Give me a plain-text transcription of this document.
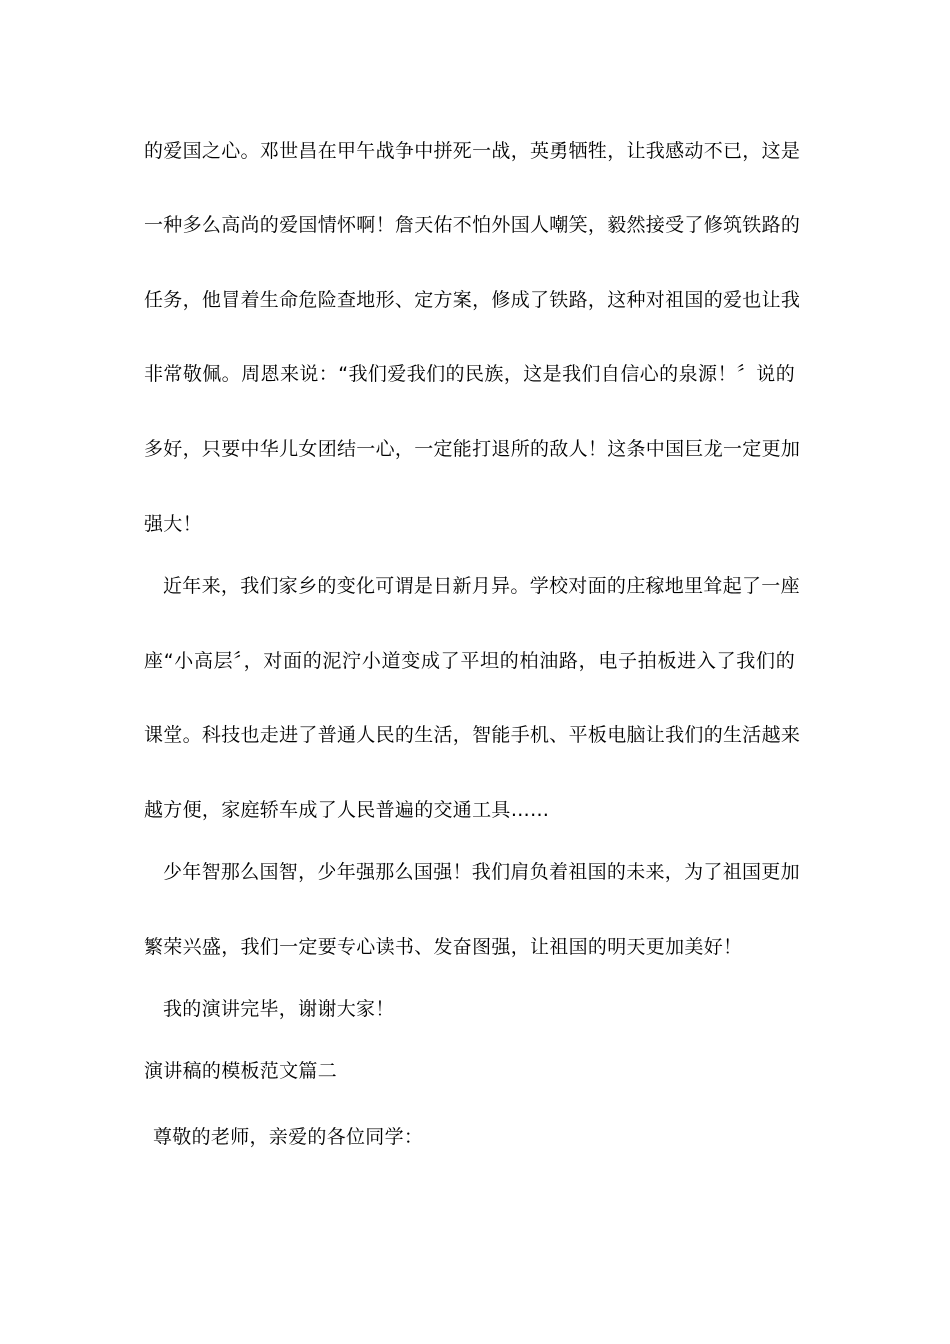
的爱国之心。邓世昌在甲午战争中拼死一战，英勇牺牲，让我感动不已，这是

一种多么高尚的爱国情怀啊！詹天佑不怕外国人嘲笑，毅然接受了修筑铁路的

任务，他冒着生命危险查地形、定方案，修成了铁路，这种对祖国的爱也让我

非常敬佩。周恩来说：“我们爱我们的民族，这是我们自信心的泉源！〞说的

多好，只要中华儿女团结一心，一定能打退所的敌人！这条中国巨龙一定更加

强大！

近年来，我们家乡的变化可谓是日新月异。学校对面的庄稼地里耸起了一座

座“小高层〞，对面的泥泞小道变成了平坦的柏油路，电子拍板进入了我们的

课堂。科技也走进了普通人民的生活，智能手机、平板电脑让我们的生活越来

越方便，家庭轿车成了人民普遍的交通工具……

少年智那么国智，少年强那么国强！我们肩负着祖国的未来，为了祖国更加

繁荣兴盛，我们一定要专心读书、发奋图强，让祖国的明天更加美好！

我的演讲完毕，谢谢大家！

演讲稿的模板范文篇二

尊敬的老师，亲爱的各位同学：
